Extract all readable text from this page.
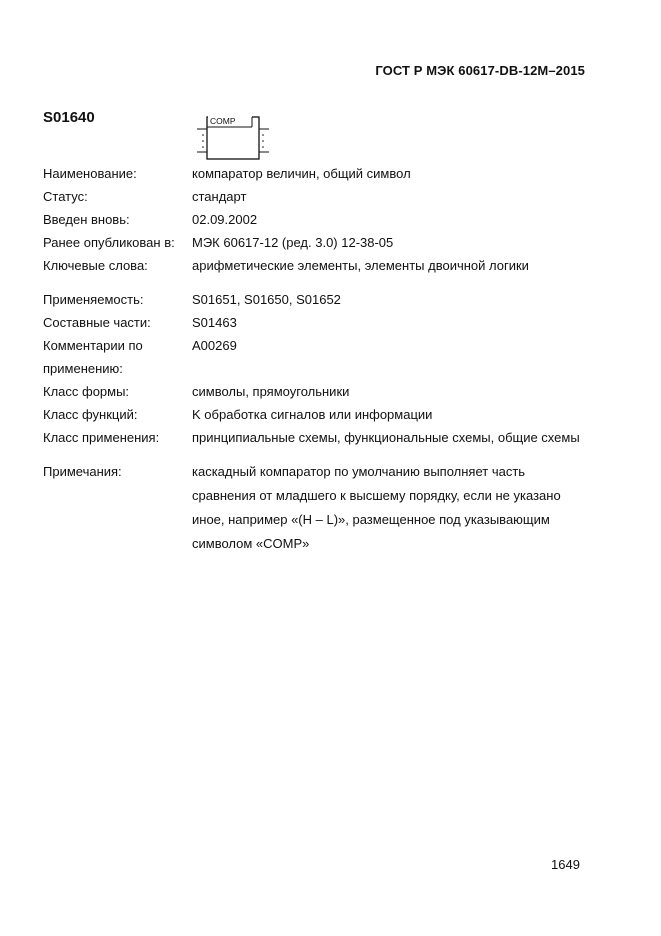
ГОСТ Р МЭК 60617-DB-12M–2015
S01640	COMP
Наименование:	компаратор величин, общий символ
Статус:	стандарт
Введен вновь:	02.09.2002
Ранее опубликован в:	МЭК 60617-12 (ред. 3.0) 12-38-05
Ключевые слова:	арифметические элементы, элементы двоичной логики
Применяемость:	S01651, S01650, S01652
Составные части:	S01463
Комментарии по	A00269
применению:
Класс формы:	символы, прямоугольники
Класс функций:	K обработка сигналов или информации
Класс применения:	принципиальные схемы, функциональные схемы, общие схемы
Примечания:	каскадный компаратор по умолчанию выполняет часть
сравнения от младшего к высшему порядку, если не указано
иное, например «(H – L)», размещенное под указывающим
символом «COMP»
1649
